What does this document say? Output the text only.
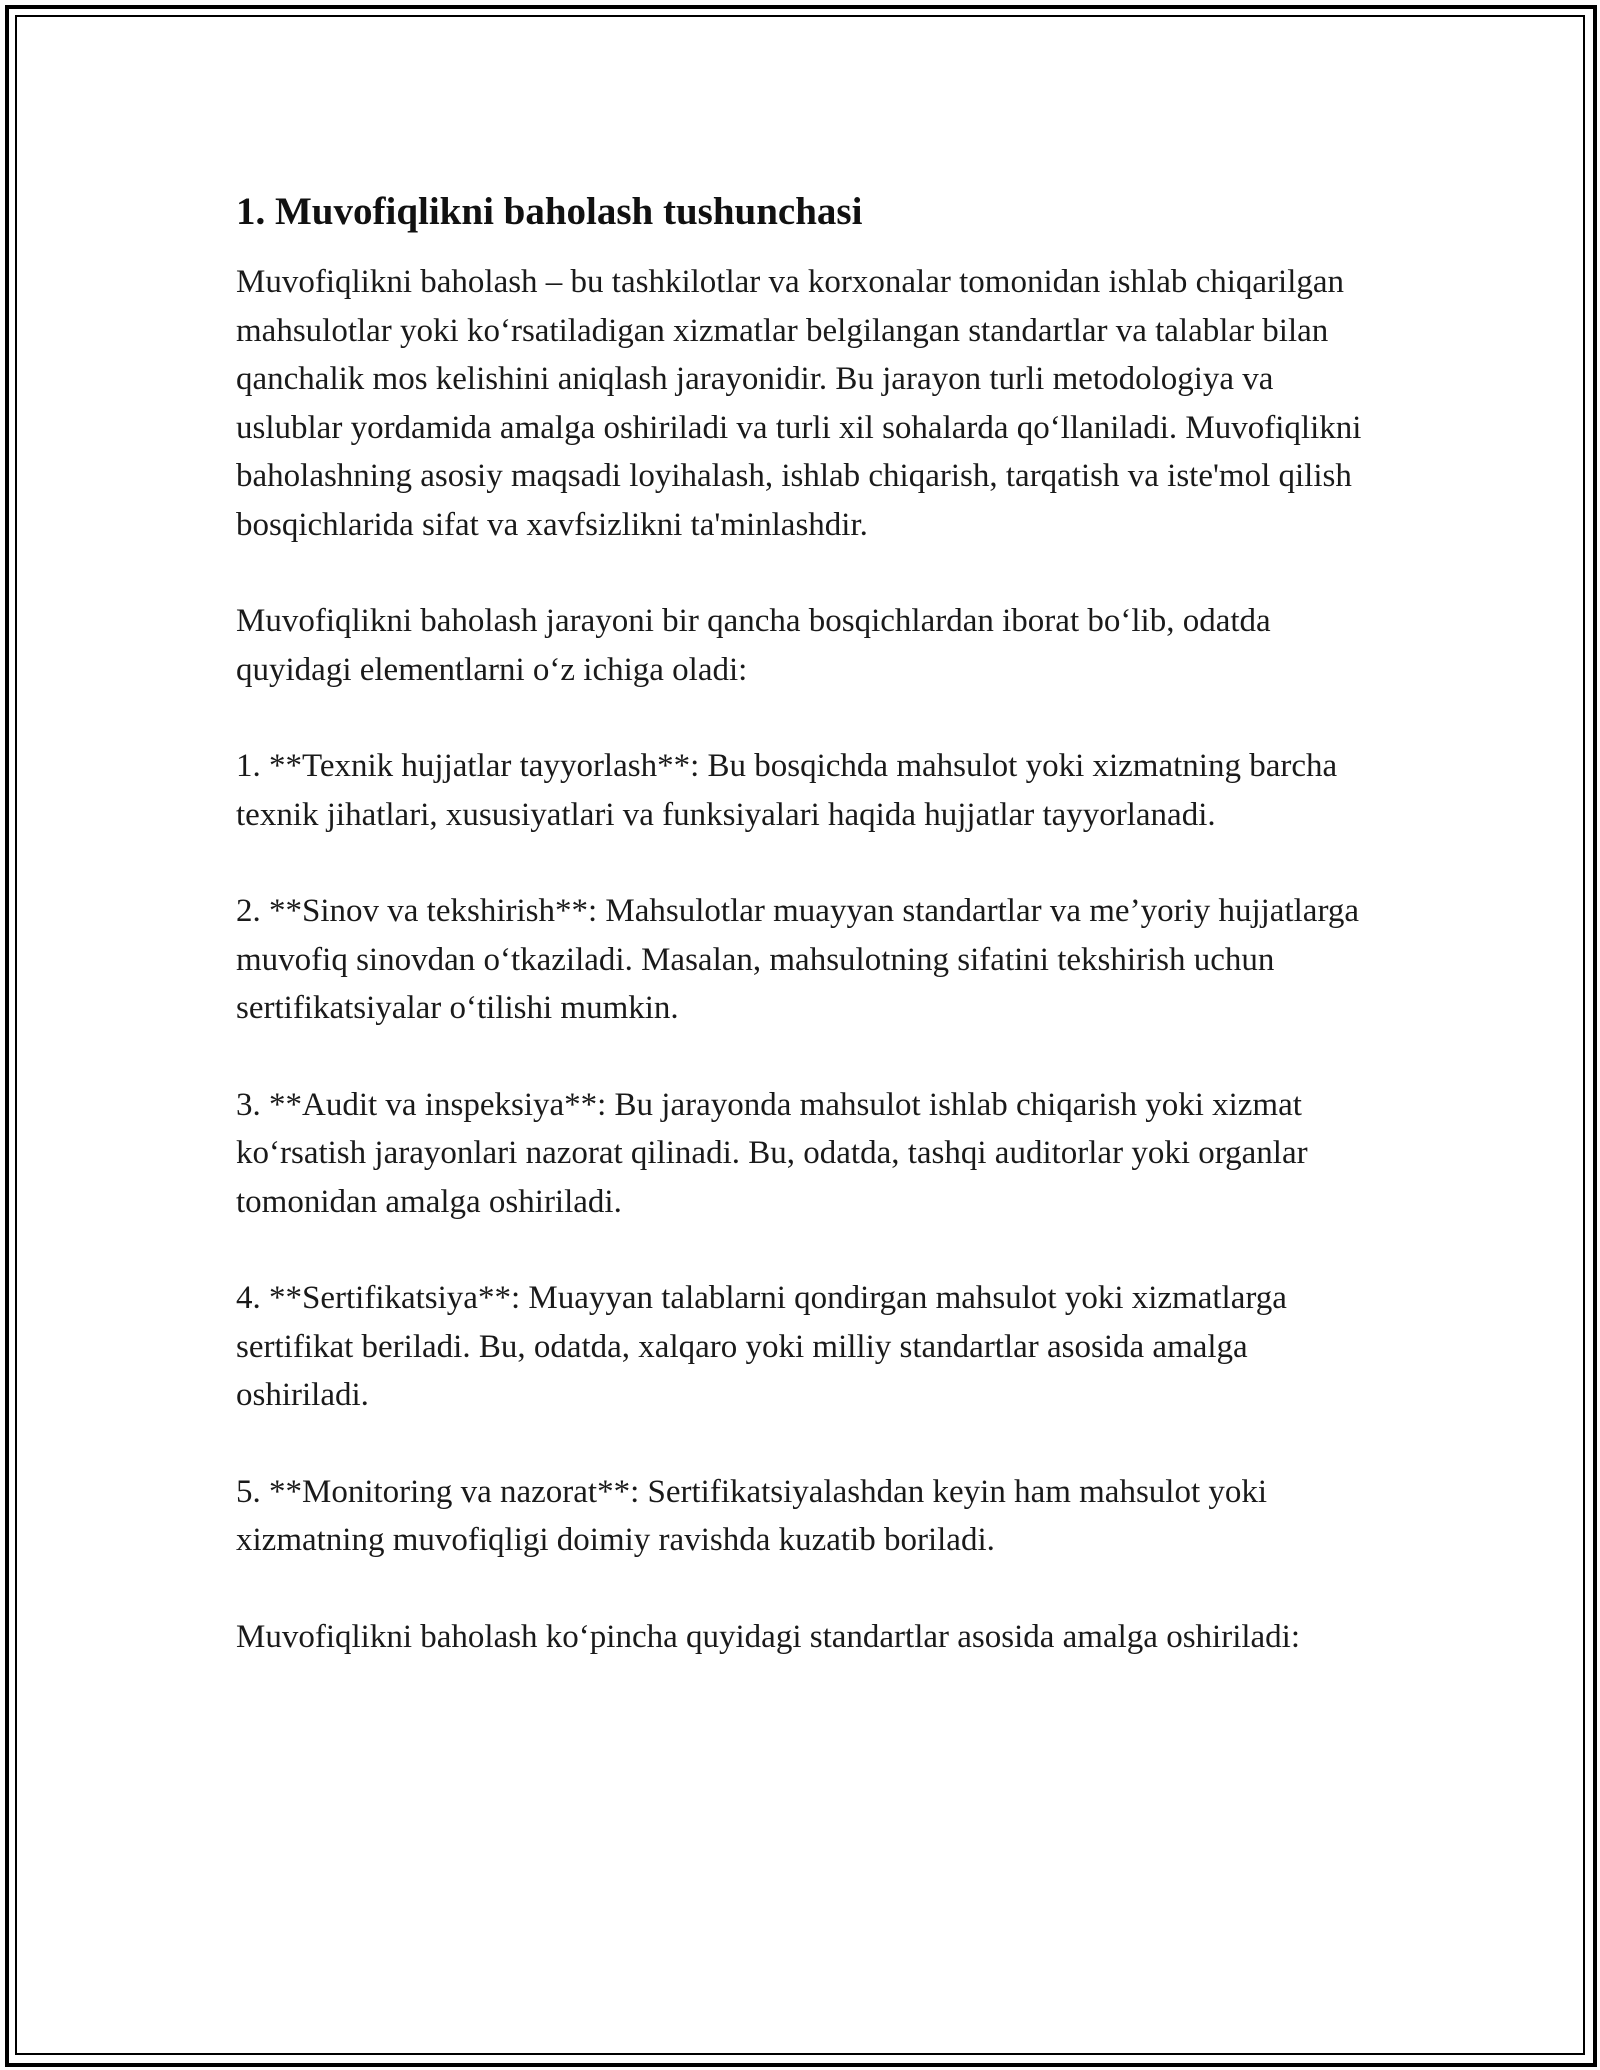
1. Muvofiqlikni baholash tushunchasi

Muvofiqlikni baholash – bu tashkilotlar va korxonalar tomonidan ishlab chiqarilgan mahsulotlar yoki koʻrsatiladigan xizmatlar belgilangan standartlar va talablar bilan qanchalik mos kelishini aniqlash jarayonidir. Bu jarayon turli metodologiya va uslublar yordamida amalga oshiriladi va turli xil sohalarda qoʻllaniladi. Muvofiqlikni baholashning asosiy maqsadi loyihalash, ishlab chiqarish, tarqatish va iste'mol qilish bosqichlarida sifat va xavfsizlikni ta'minlashdir.

Muvofiqlikni baholash jarayoni bir qancha bosqichlardan iborat boʻlib, odatda quyidagi elementlarni oʻz ichiga oladi:

1. **Texnik hujjatlar tayyorlash**: Bu bosqichda mahsulot yoki xizmatning barcha texnik jihatlari, xususiyatlari va funksiyalari haqida hujjatlar tayyorlanadi.

2. **Sinov va tekshirish**: Mahsulotlar muayyan standartlar va me’yoriy hujjatlarga muvofiq sinovdan oʻtkaziladi. Masalan, mahsulotning sifatini tekshirish uchun sertifikatsiyalar oʻtilishi mumkin.

3. **Audit va inspeksiya**: Bu jarayonda mahsulot ishlab chiqarish yoki xizmat koʻrsatish jarayonlari nazorat qilinadi. Bu, odatda, tashqi auditorlar yoki organlar tomonidan amalga oshiriladi.

4. **Sertifikatsiya**: Muayyan talablarni qondirgan mahsulot yoki xizmatlarga sertifikat beriladi. Bu, odatda, xalqaro yoki milliy standartlar asosida amalga oshiriladi.

5. **Monitoring va nazorat**: Sertifikatsiyalashdan keyin ham mahsulot yoki xizmatning muvofiqligi doimiy ravishda kuzatib boriladi.

Muvofiqlikni baholash koʻpincha quyidagi standartlar asosida amalga oshiriladi:
